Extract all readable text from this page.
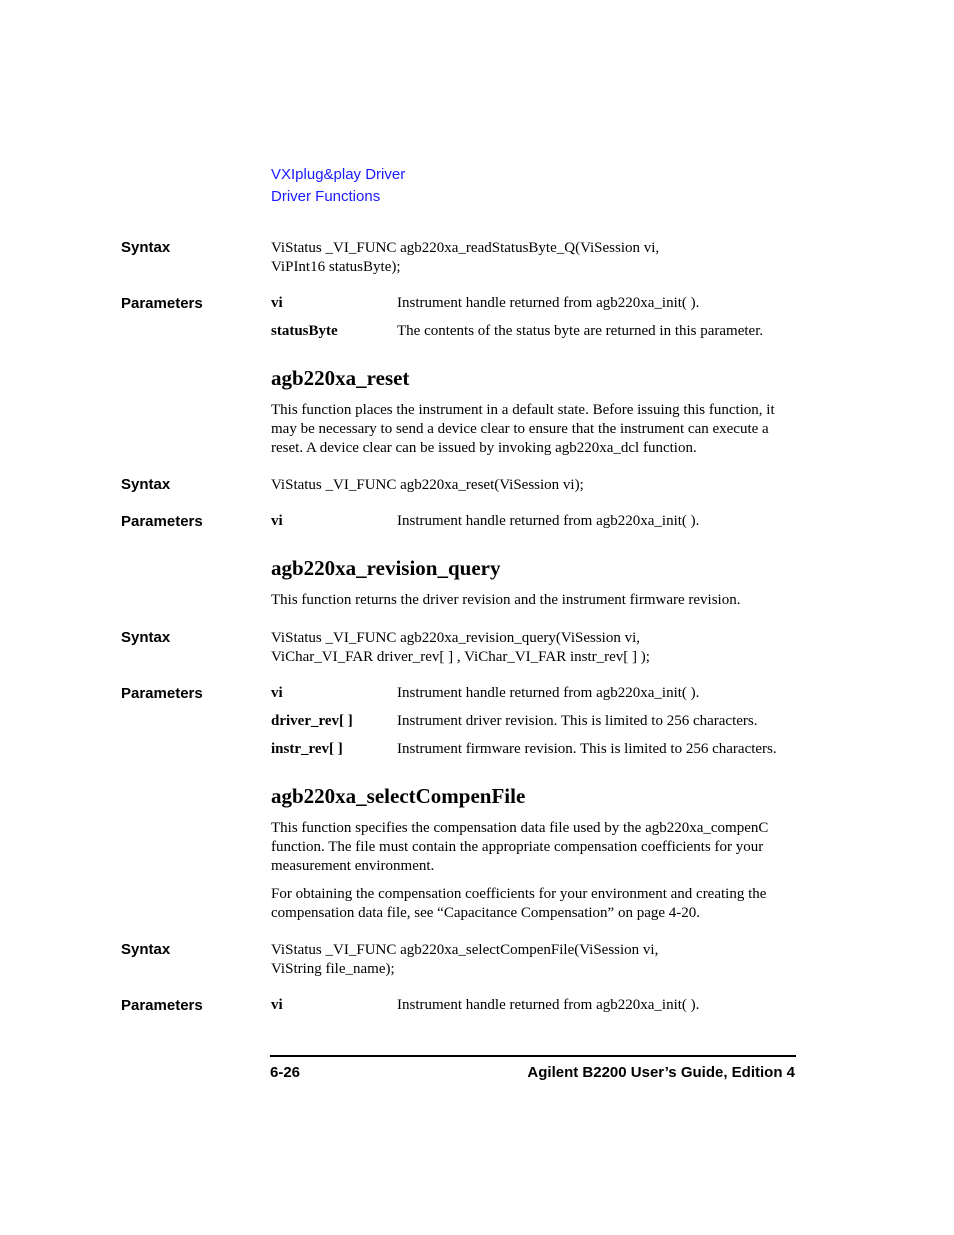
VXIplug&play Driver
Driver Functions
Syntax	ViStatus _VI_FUNC agb220xa_readStatusByte_Q(ViSession vi,
ViPInt16 statusByte);
Parameters	vi	Instrument handle returned from agb220xa_init( ).
statusByte	The contents of the status byte are returned in this parameter.
agb220xa_reset
This function places the instrument in a default state. Before issuing this function, it may be necessary to send a device clear to ensure that the instrument can execute a reset. A device clear can be issued by invoking agb220xa_dcl function.
Syntax	ViStatus _VI_FUNC agb220xa_reset(ViSession vi);
Parameters	vi	Instrument handle returned from agb220xa_init( ).
agb220xa_revision_query
This function returns the driver revision and the instrument firmware revision.
Syntax	ViStatus _VI_FUNC agb220xa_revision_query(ViSession vi,
ViChar_VI_FAR driver_rev[ ] , ViChar_VI_FAR instr_rev[ ] );
Parameters	vi	Instrument handle returned from agb220xa_init( ).
driver_rev[ ]	Instrument driver revision. This is limited to 256 characters.
instr_rev[ ]	Instrument firmware revision. This is limited to 256 characters.
agb220xa_selectCompenFile
This function specifies the compensation data file used by the agb220xa_compenC function. The file must contain the appropriate compensation coefficients for your measurement environment.
For obtaining the compensation coefficients for your environment and creating the compensation data file, see “Capacitance Compensation” on page 4-20.
Syntax	ViStatus _VI_FUNC agb220xa_selectCompenFile(ViSession vi,
ViString file_name);
Parameters	vi	Instrument handle returned from agb220xa_init( ).
6-26	Agilent B2200 User’s Guide, Edition 4
